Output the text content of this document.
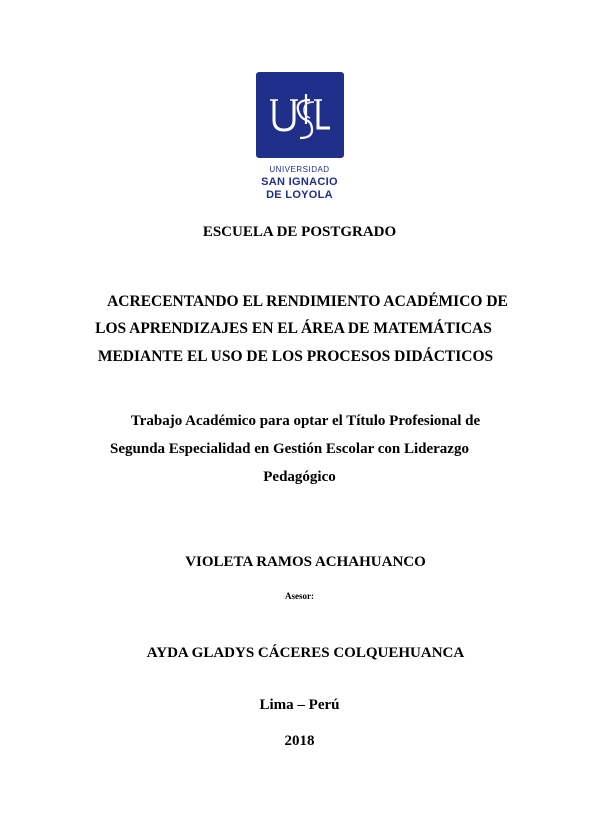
UNIVERSIDAD
SAN IGNACIO
DE LOYOLA
ESCUELA DE POSTGRADO
ACRECENTANDO EL RENDIMIENTO ACADÉMICO DE
LOS APRENDIZAJES EN EL ÁREA DE MATEMÁTICAS
MEDIANTE EL USO DE LOS PROCESOS DIDÁCTICOS
Trabajo Académico para optar el Título Profesional de
Segunda Especialidad en Gestión Escolar con Liderazgo
Pedagógico
VIOLETA RAMOS ACHAHUANCO
Asesor:
AYDA GLADYS CÁCERES COLQUEHUANCA
Lima – Perú
2018
